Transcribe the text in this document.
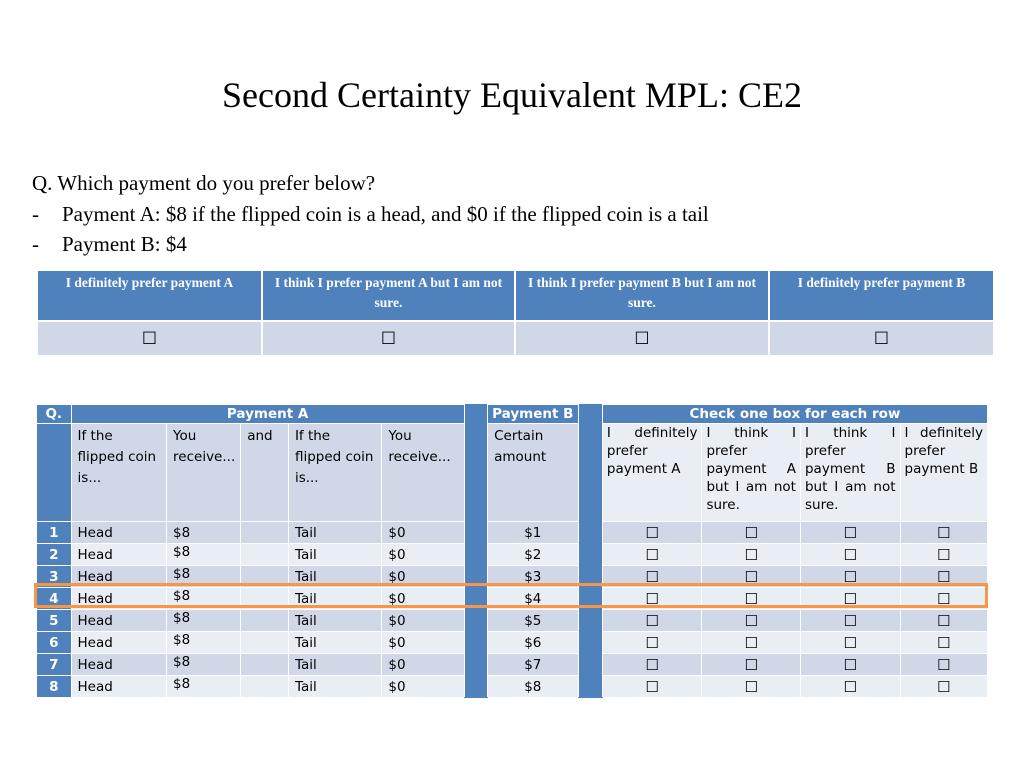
Second Certainty Equivalent MPL: CE2
Q. Which payment do you prefer below?
- Payment A: $8 if the flipped coin is a head, and $0 if the flipped coin is a tail
- Payment B: $4
I definitely prefer payment A	I think I prefer payment A but I am not sure.	I think I prefer payment B but I am not sure.	I definitely prefer payment B
☐	☐	☐	☐
Q.	Payment A						Payment B		Check one box for each row			
	If the flipped coin is...	You receive...	and	If the flipped coin is...	You receive...		Certain amount		I definitely prefer payment A	I think I prefer payment A but I am not sure.	I think I prefer payment B but I am not sure.	I definitely prefer payment B
1	Head	$8		Tail	$0		$1		☐	☐	☐	☐
2	Head	$8		Tail	$0		$2		☐	☐	☐	☐
3	Head	$8		Tail	$0		$3		☐	☐	☐	☐
4	Head	$8		Tail	$0		$4		☐	☐	☐	☐
5	Head	$8		Tail	$0		$5		☐	☐	☐	☐
6	Head	$8		Tail	$0		$6		☐	☐	☐	☐
7	Head	$8		Tail	$0		$7		☐	☐	☐	☐
8	Head	$8		Tail	$0		$8		☐	☐	☐	☐
